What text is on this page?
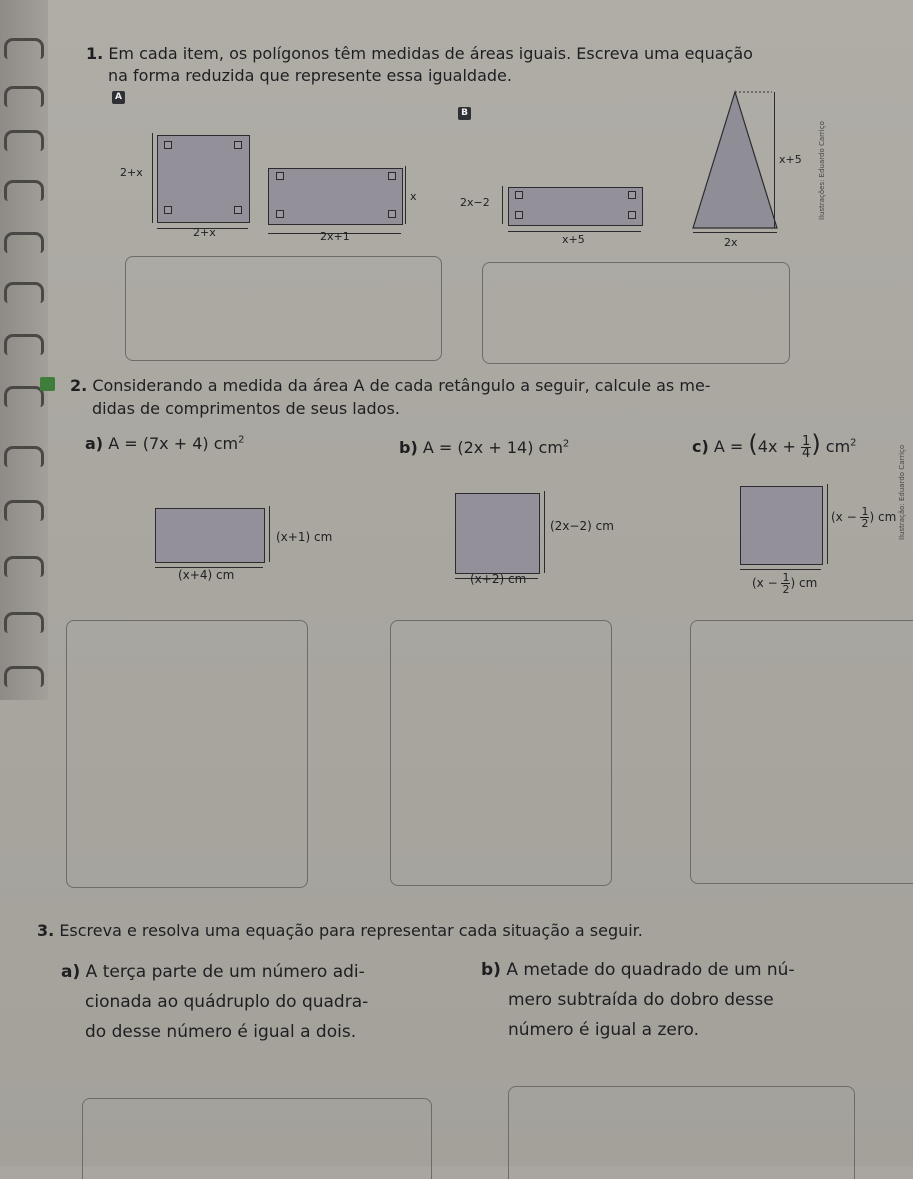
1. Em cada item, os polígonos têm medidas de áreas iguais. Escreva uma equação
na forma reduzida que represente essa igualdade.
A
2+x
2+x
x
2x+1
B
2x−2
x+5
x+5
2x
Ilustrações: Eduardo Carriço
2. Considerando a medida da área A de cada retângulo a seguir, calcule as me-
didas de comprimentos de seus lados.
a) A = (7x + 4) $cm^2$	b) A = (2x + 14) $cm^2$	c) $A = (4x + \frac{1}{4}$ ) $cm^2$
(x+1) cm
(x+4) cm
(2x−2) cm
(x+2) cm
($x - \frac{1}{2}$ ) cm
($x - \frac{1}{2}$ ) cm
Ilustração: Eduardo Carriço
3. Escreva e resolva uma equação para representar cada situação a seguir.
a) A terça parte de um número adi-
cionada ao quádruplo do quadra-
do desse número é igual a dois.
b) A metade do quadrado de um nú-
mero subtraída do dobro desse
número é igual a zero.
